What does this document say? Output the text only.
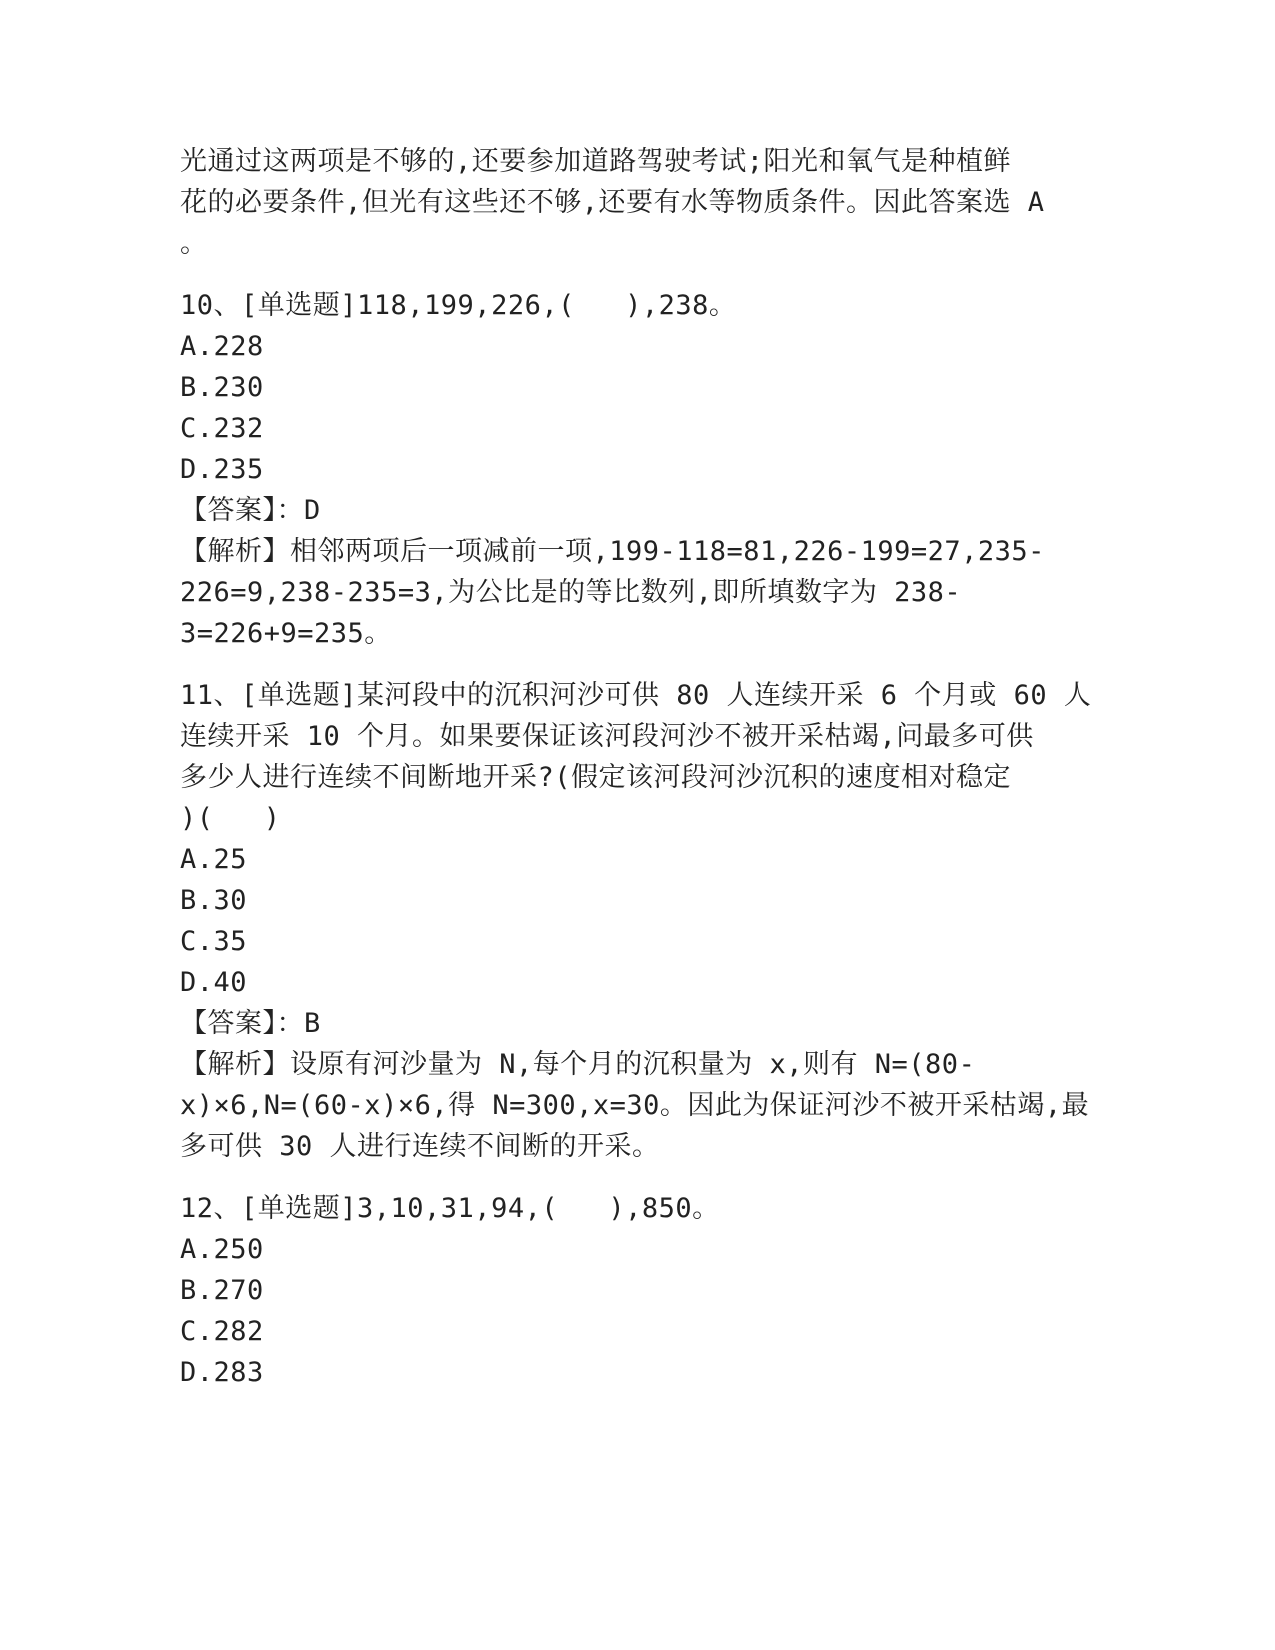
光通过这两项是不够的,还要参加道路驾驶考试;阳光和氧气是种植鲜
花的必要条件,但光有这些还不够,还要有水等物质条件。因此答案选 A
。
10、[单选题]118,199,226,(   ),238。
A.228
B.230
C.232
D.235
【答案】：D
【解析】相邻两项后一项减前一项,199-118=81,226-199=27,235-
226=9,238-235=3,为公比是的等比数列,即所填数字为 238-
3=226+9=235。
11、[单选题]某河段中的沉积河沙可供 80 人连续开采 6 个月或 60 人
连续开采 10 个月。如果要保证该河段河沙不被开采枯竭,问最多可供
多少人进行连续不间断地开采?(假定该河段河沙沉积的速度相对稳定
)(   )
A.25
B.30
C.35
D.40
【答案】：B
【解析】设原有河沙量为 N,每个月的沉积量为 x,则有 N=(80-
x)×6,N=(60-x)×6,得 N=300,x=30。因此为保证河沙不被开采枯竭,最
多可供 30 人进行连续不间断的开采。
12、[单选题]3,10,31,94,(   ),850。
A.250
B.270
C.282
D.283
